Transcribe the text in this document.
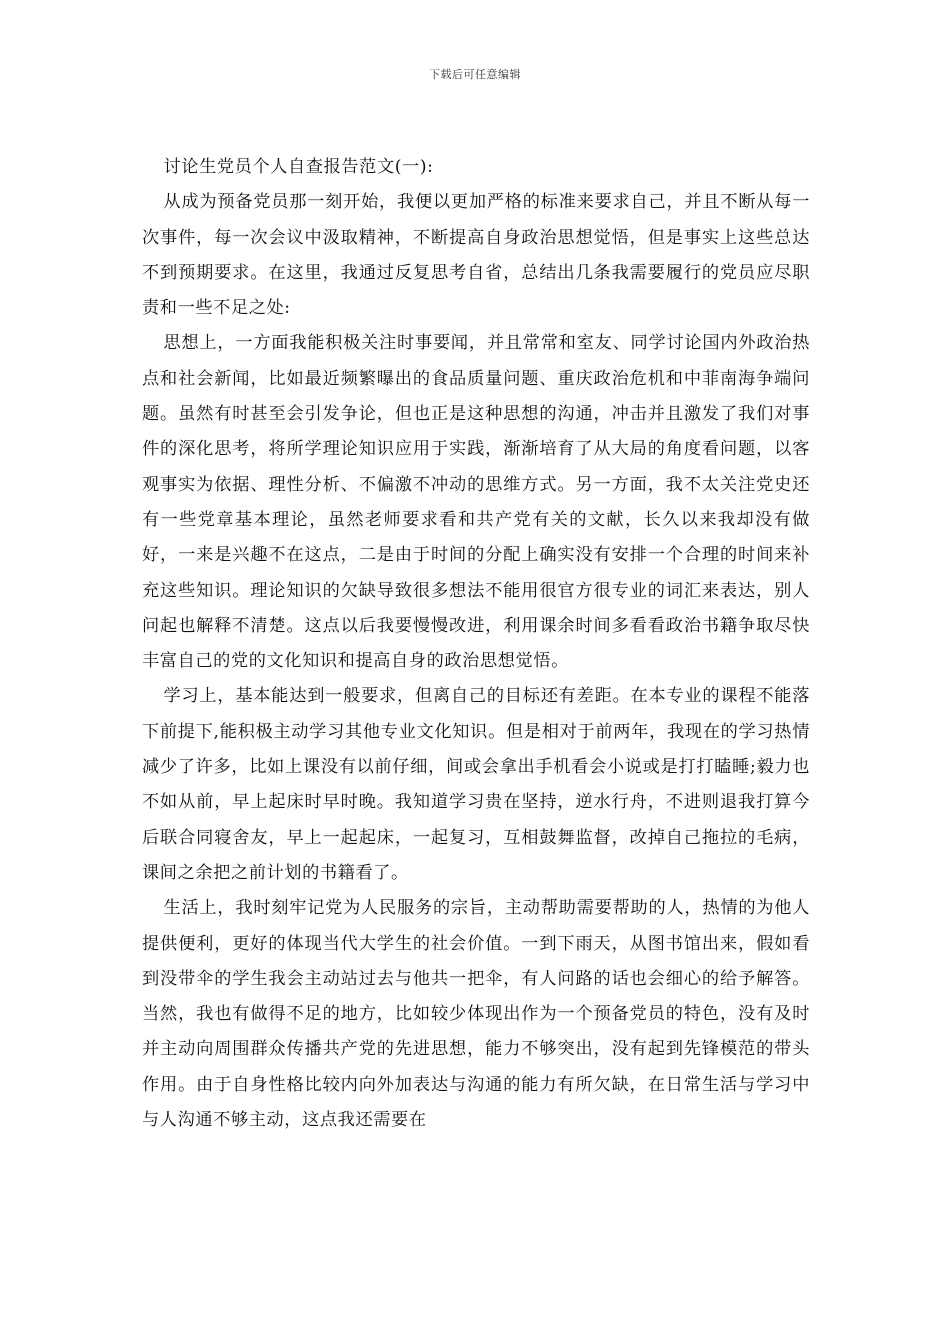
下载后可任意编辑

讨论生党员个人自查报告范文(一):

从成为预备党员那一刻开始，我便以更加严格的标准来要求自己，并且不断从每一次事件，每一次会议中汲取精神，不断提高自身政治思想觉悟，但是事实上这些总达不到预期要求。在这里，我通过反复思考自省，总结出几条我需要履行的党员应尽职责和一些不足之处:

思想上，一方面我能积极关注时事要闻，并且常常和室友、同学讨论国内外政治热点和社会新闻，比如最近频繁曝出的食品质量问题、重庆政治危机和中菲南海争端问题。虽然有时甚至会引发争论，但也正是这种思想的沟通，冲击并且激发了我们对事件的深化思考，将所学理论知识应用于实践，渐渐培育了从大局的角度看问题，以客观事实为依据、理性分析、不偏激不冲动的思维方式。另一方面，我不太关注党史还有一些党章基本理论，虽然老师要求看和共产党有关的文献，长久以来我却没有做好，一来是兴趣不在这点，二是由于时间的分配上确实没有安排一个合理的时间来补充这些知识。理论知识的欠缺导致很多想法不能用很官方很专业的词汇来表达，别人问起也解释不清楚。这点以后我要慢慢改进，利用课余时间多看看政治书籍争取尽快丰富自己的党的文化知识和提高自身的政治思想觉悟。

学习上，基本能达到一般要求，但离自己的目标还有差距。在本专业的课程不能落下前提下,能积极主动学习其他专业文化知识。但是相对于前两年，我现在的学习热情减少了许多，比如上课没有以前仔细，间或会拿出手机看会小说或是打打瞌睡;毅力也不如从前，早上起床时早时晚。我知道学习贵在坚持，逆水行舟，不进则退我打算今后联合同寝舍友，早上一起起床，一起复习，互相鼓舞监督，改掉自己拖拉的毛病，课间之余把之前计划的书籍看了。

生活上，我时刻牢记党为人民服务的宗旨，主动帮助需要帮助的人，热情的为他人提供便利，更好的体现当代大学生的社会价值。一到下雨天，从图书馆出来，假如看到没带伞的学生我会主动站过去与他共一把伞，有人问路的话也会细心的给予解答。当然，我也有做得不足的地方，比如较少体现出作为一个预备党员的特色，没有及时并主动向周围群众传播共产党的先进思想，能力不够突出，没有起到先锋模范的带头作用。由于自身性格比较内向外加表达与沟通的能力有所欠缺，在日常生活与学习中与人沟通不够主动，这点我还需要在
